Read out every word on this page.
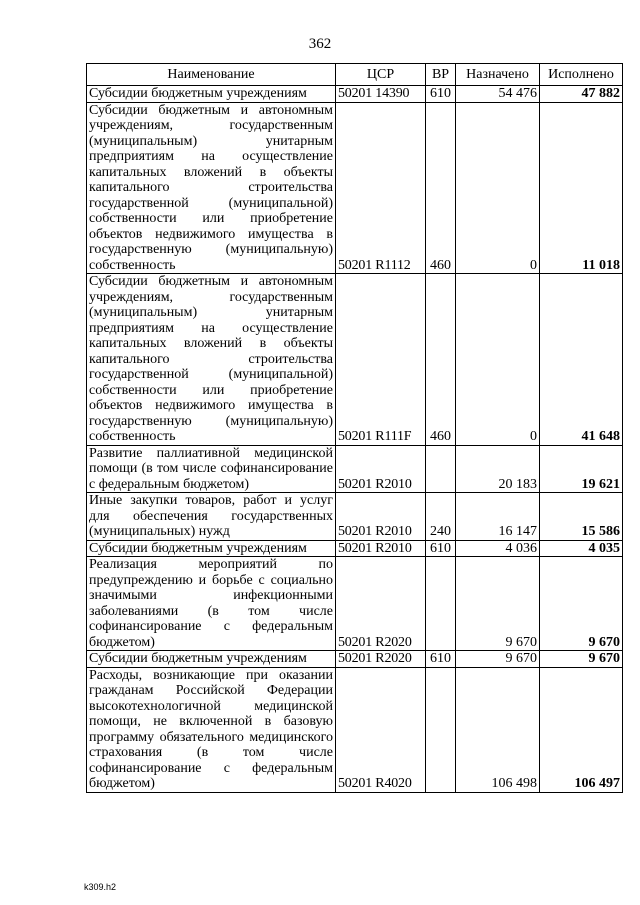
362
Наименование	ЦСР	ВР	Назначено	Исполнено
Субсидии бюджетным учреждениям	50201 14390	610	54 476	47 882
Субсидии бюджетным и автономным учреждениям, государственным (муниципальным) унитарным предприятиям на осуществление капитальных вложений в объекты капитального строительства государственной (муниципальной) собственности или приобретение объектов недвижимого имущества в государственную (муниципальную) собственность	50201 R1112	460	0	11 018
Субсидии бюджетным и автономным учреждениям, государственным (муниципальным) унитарным предприятиям на осуществление капитальных вложений в объекты капитального строительства государственной (муниципальной) собственности или приобретение объектов недвижимого имущества в государственную (муниципальную) собственность	50201 R111F	460	0	41 648
Развитие паллиативной медицинской помощи (в том числе софинансирование с федеральным бюджетом)	50201 R2010		20 183	19 621
Иные закупки товаров, работ и услуг для обеспечения государственных (муниципальных) нужд	50201 R2010	240	16 147	15 586
Субсидии бюджетным учреждениям	50201 R2010	610	4 036	4 035
Реализация мероприятий по предупреждению и борьбе с социально значимыми инфекционными заболеваниями (в том числе софинансирование с федеральным бюджетом)	50201 R2020		9 670	9 670
Субсидии бюджетным учреждениям	50201 R2020	610	9 670	9 670
Расходы, возникающие при оказании гражданам Российской Федерации высокотехнологичной медицинской помощи, не включенной в базовую программу обязательного медицинского страхования (в том числе софинансирование с федеральным бюджетом)	50201 R4020		106 498	106 497
k309.h2
